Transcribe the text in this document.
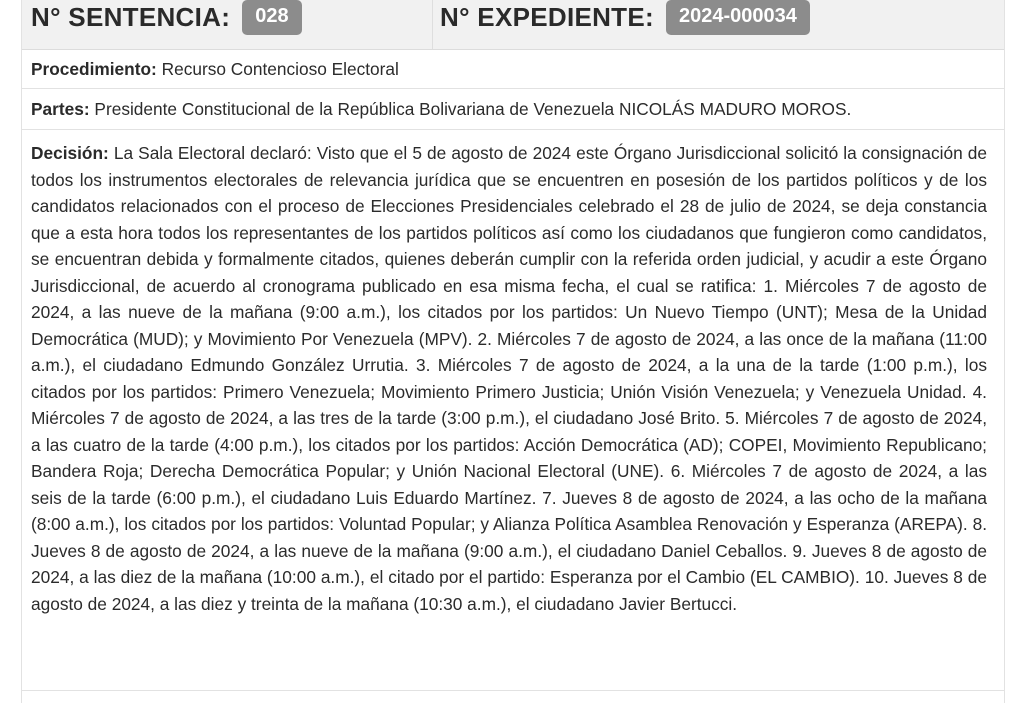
N° SENTENCIA:	028	N° EXPEDIENTE:	2024-000034
Procedimiento: Recurso Contencioso Electoral
Partes: Presidente Constitucional de la República Bolivariana de Venezuela NICOLÁS MADURO MOROS.
Decisión: La Sala Electoral declaró: Visto que el 5 de agosto de 2024 este Órgano Jurisdiccional solicitó la consignación de todos los instrumentos electorales de relevancia jurídica que se encuentren en posesión de los partidos políticos y de los candidatos relacionados con el proceso de Elecciones Presidenciales celebrado el 28 de julio de 2024, se deja constancia que a esta hora todos los representantes de los partidos políticos así como los ciudadanos que fungieron como candidatos, se encuentran debida y formalmente citados, quienes deberán cumplir con la referida orden judicial, y acudir a este Órgano Jurisdiccional, de acuerdo al cronograma publicado en esa misma fecha, el cual se ratifica: 1. Miércoles 7 de agosto de 2024, a las nueve de la mañana (9:00 a.m.), los citados por los partidos: Un Nuevo Tiempo (UNT); Mesa de la Unidad Democrática (MUD); y Movimiento Por Venezuela (MPV). 2. Miércoles 7 de agosto de 2024, a las once de la mañana (11:00 a.m.), el ciudadano Edmundo González Urrutia. 3. Miércoles 7 de agosto de 2024, a la una de la tarde (1:00 p.m.), los citados por los partidos: Primero Venezuela; Movimiento Primero Justicia; Unión Visión Venezuela; y Venezuela Unidad. 4. Miércoles 7 de agosto de 2024, a las tres de la tarde (3:00 p.m.), el ciudadano José Brito. 5. Miércoles 7 de agosto de 2024, a las cuatro de la tarde (4:00 p.m.), los citados por los partidos: Acción Democrática (AD); COPEI, Movimiento Republicano; Bandera Roja; Derecha Democrática Popular; y Unión Nacional Electoral (UNE). 6. Miércoles 7 de agosto de 2024, a las seis de la tarde (6:00 p.m.), el ciudadano Luis Eduardo Martínez. 7. Jueves 8 de agosto de 2024, a las ocho de la mañana (8:00 a.m.), los citados por los partidos: Voluntad Popular; y Alianza Política Asamblea Renovación y Esperanza (AREPA). 8. Jueves 8 de agosto de 2024, a las nueve de la mañana (9:00 a.m.), el ciudadano Daniel Ceballos. 9. Jueves 8 de agosto de 2024, a las diez de la mañana (10:00 a.m.), el citado por el partido: Esperanza por el Cambio (EL CAMBIO). 10. Jueves 8 de agosto de 2024, a las diez y treinta de la mañana (10:30 a.m.), el ciudadano Javier Bertucci.
